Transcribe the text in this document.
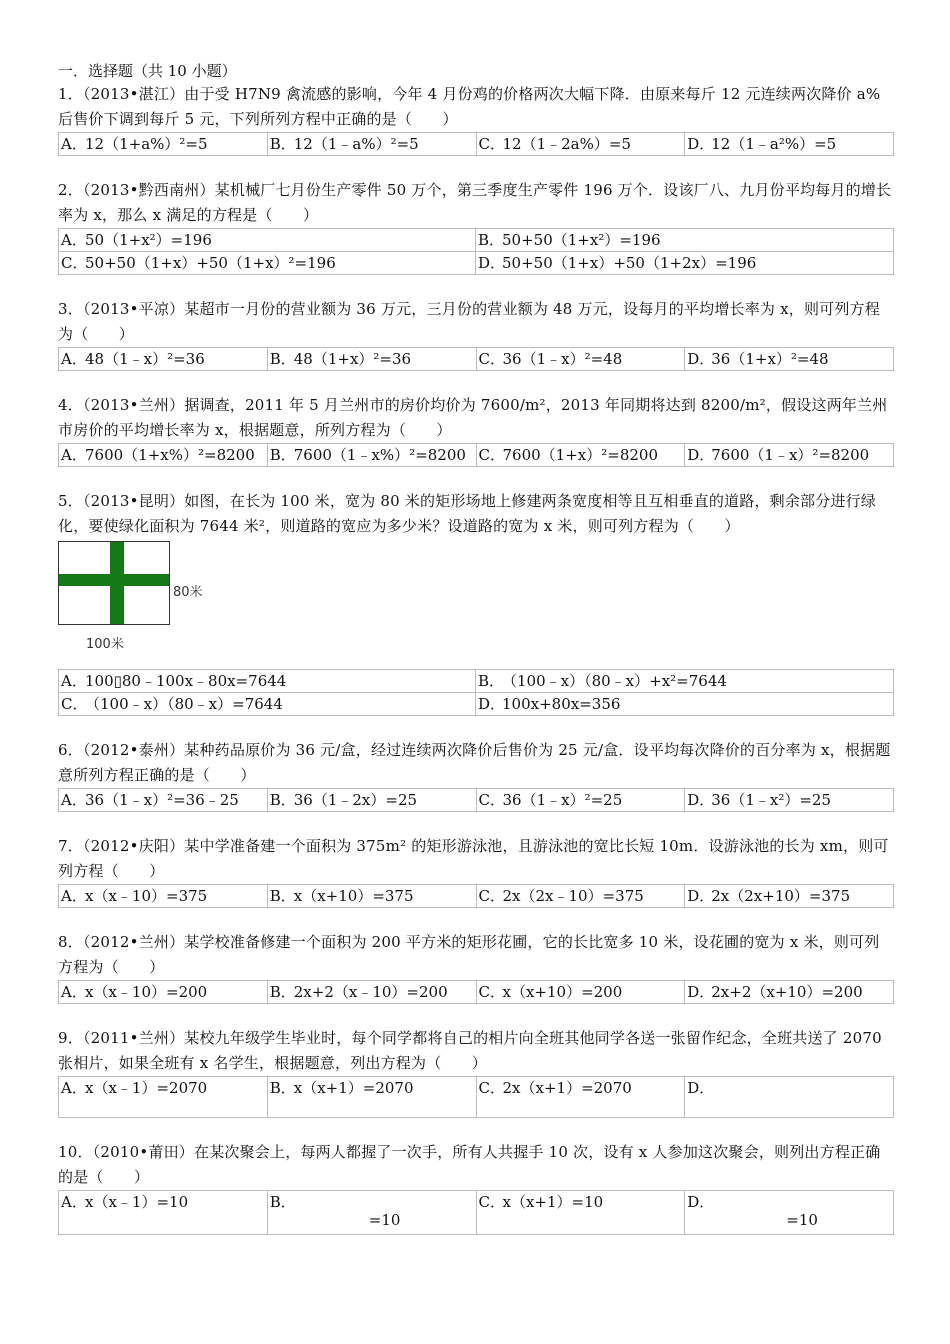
一．选择题（共 10 小题）
1．（2013•湛江）由于受 H7N9 禽流感的影响，今年 4 月份鸡的价格两次大幅下降．由原来每斤 12 元连续两次降价 a%后售价下调到每斤 5 元，下列所列方程中正确的是（　　）
A．	12（1+a%）²=5	B．	12（1﹣a%）²=5	C．	12（1﹣2a%）=5	D．	12（1﹣a²%）=5
2．（2013•黔西南州）某机械厂七月份生产零件 50 万个，第三季度生产零件 196 万个．设该厂八、九月份平均每月的增长率为 x，那么 x 满足的方程是（　　）
A．	50（1+x²）=196	B．	50+50（1+x²）=196
C．	50+50（1+x）+50（1+x）²=196	D．	50+50（1+x）+50（1+2x）=196
3．（2013•平凉）某超市一月份的营业额为 36 万元，三月份的营业额为 48 万元，设每月的平均增长率为 x，则可列方程为（　　）
A．	48（1﹣x）²=36	B．	48（1+x）²=36	C．	36（1﹣x）²=48	D．	36（1+x）²=48
4．（2013•兰州）据调查，2011 年 5 月兰州市的房价均价为 7600/m²，2013 年同期将达到 8200/m²，假设这两年兰州市房价的平均增长率为 x，根据题意，所列方程为（　　）
A．	7600（1+x%）²=8200	B．	7600（1﹣x%）²=8200	C．	7600（1+x）²=8200	D．	7600（1﹣x）²=8200
5．（2013•昆明）如图，在长为 100 米，宽为 80 米的矩形场地上修建两条宽度相等且互相垂直的道路，剩余部分进行绿化，要使绿化面积为 7644 米²，则道路的宽应为多少米？设道路的宽为 x 米，则可列方程为（　　）
80米
100米
A．	100▯80﹣100x﹣80x=7644	B．	（100﹣x）（80﹣x）+x²=7644
C．	（100﹣x）（80﹣x）=7644	D．	100x+80x=356
6．（2012•泰州）某种药品原价为 36 元/盒，经过连续两次降价后售价为 25 元/盒．设平均每次降价的百分率为 x，根据题意所列方程正确的是（　　）
A．	36（1﹣x）²=36﹣25	B．	36（1﹣2x）=25	C．	36（1﹣x）²=25	D．	36（1﹣x²）=25
7．（2012•庆阳）某中学准备建一个面积为 375m² 的矩形游泳池，且游泳池的宽比长短 10m．设游泳池的长为 xm，则可列方程（　　）
A．	x（x﹣10）=375	B．	x（x+10）=375	C．	2x（2x﹣10）=375	D．	2x（2x+10）=375
8．（2012•兰州）某学校准备修建一个面积为 200 平方米的矩形花圃，它的长比宽多 10 米，设花圃的宽为 x 米，则可列方程为（　　）
A．	x（x﹣10）=200	B．	2x+2（x﹣10）=200	C．	x（x+10）=200	D．	2x+2（x+10）=200
9．（2011•兰州）某校九年级学生毕业时，每个同学都将自己的相片向全班其他同学各送一张留作纪念，全班共送了 2070 张相片，如果全班有 x 名学生，根据题意，列出方程为（　　）
A．	x（x﹣1）=2070	B．	x（x+1）=2070	C．	2x（x+1）=2070	D．	
10．（2010•莆田）在某次聚会上，每两人都握了一次手，所有人共握手 10 次，设有 x 人参加这次聚会，则列出方程正确的是（　　）
A．	x（x﹣1）=10	B．	=10	C．	x（x+1）=10	D．	=10
